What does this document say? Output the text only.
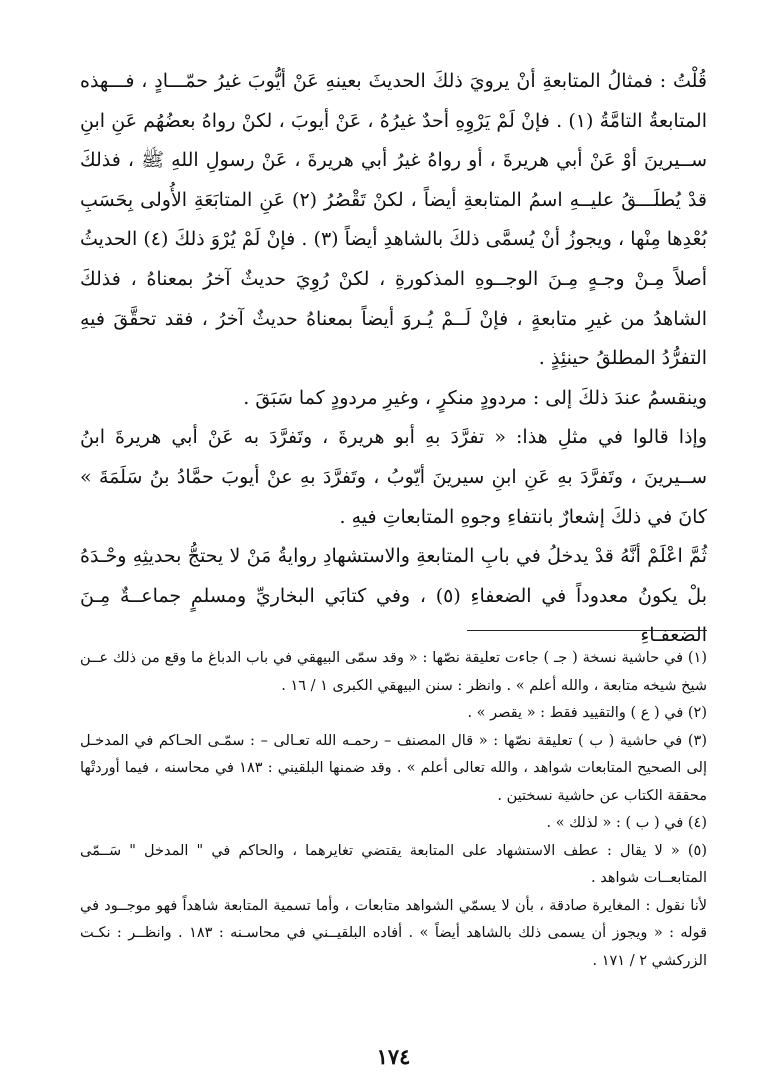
قُلْتُ : فمثالُ المتابعةِ أنْ يرويَ ذلكَ الحديثَ بعينهِ عَنْ أيُّوبَ غيرُ حمّـــادٍ ، فـــهذه المتابعةُ التامَّةُ (١) . فإنْ لَمْ يَرْوِهِ أحدٌ غيرُهُ ، عَنْ أيوبَ ، لكنْ رواهُ بعضُهُم عَنِ ابنِ ســيرينَ أوْ عَنْ أبي هريرةَ ، أو رواهُ غيرُ أبي هريرةَ ، عَنْ رسولِ اللهِ ﷺ ، فذلكَ قدْ يُطلَـــقُ عليــهِ اسمُ المتابعةِ أيضاً ، لكنْ تَقْصُرُ (٢) عَنِ المتابَعَةِ الأُولى بِحَسَبِ بُعْدِها مِنْها ، ويجوزُ أنْ يُسمَّى ذلكَ بالشاهدِ أيضاً (٣) . فإنْ لَمْ يُرْوَ ذلكَ (٤) الحديثُ أصلاً مِـنْ وجـهٍ مِـنَ الوجــوهِ المذكورةِ ، لكنْ رُوِيَ حديثٌ آخرُ بمعناهُ ، فذلكَ الشاهدُ من غيرِ متابعةٍ ، فإنْ لَــمْ يُـروَ أيضاً بمعناهُ حديثٌ آخرُ ، فقد تحقَّقَ فيهِ التفرُّدُ المطلقُ حينئِذٍ .

وينقسمُ عندَ ذلكَ إلى : مردودٍ منكرٍ ، وغيرِ مردودٍ كما سَبَقَ .

وإذا قالوا في مثلِ هذا: « تفرَّدَ بهِ أبو هريرةَ ، وتَفرَّدَ به عَنْ أبي هريرةَ ابنُ ســيرينَ ، وتَفرَّدَ بهِ عَنِ ابنِ سيرينَ أيّوبُ ، وتَفرَّدَ بهِ عنْ أيوبَ حمَّادُ بنُ سَلَمَةَ » كانَ في ذلكَ إشعارٌ بانتفاءِ وجوهِ المتابعاتِ فيهِ .

ثُمَّ اعْلَمْ أنَّهُ قدْ يدخلُ في بابِ المتابعةِ والاستشهادِ روايةُ مَنْ لا يحتجُّ بحديثِهِ وحْـدَهُ بلْ يكونُ معدوداً في الضعفاءِ (٥) ، وفي كتابَي البخاريِّ ومسلمٍ جماعــةٌ مِـنَ الضعفـاءِ

(١) في حاشية نسخة ( جـ ) جاءت تعليقة نصّها : « وقد سمّى البيهقي في باب الدباغ ما وقع من ذلك عــن شيخ شيخه متابعة ، والله أعلم » . وانظر : سنن البيهقي الكبرى ١ / ١٦ .

(٢) في ( ع ) والتقييد فقط : « يقصر » .

(٣) في حاشية ( ب ) تعليقة نصّها : « قال المصنف – رحمـه الله تعـالى – : سمّـى الحـاكم في المدخـل إلى الصحيح المتابعات شواهد ، والله تعالى أعلم » . وقد ضمنها البلقيني : ١٨٣ في محاسنه ، فيما أوردتْها محققة الكتاب عن حاشية نسختين .

(٤) في ( ب ) : « لذلك » .

(٥) « لا يقال : عطف الاستشهاد على المتابعة يقتضي تغايرهما ، والحاكم في " المدخل " سَــمّى المتابعــات شواهد .

لأنا نقول : المغايرة صادقة ، بأن لا يسمّي الشواهد متابعات ، وأما تسمية المتابعة شاهداً فهو موجــود في قوله : « ويجوز أن يسمى ذلك بالشاهد أيضاً » . أفاده البلقيــني في محاسـنه : ١٨٣ . وانظــر : نكـت الزركشي ٢ / ١٧١ .

١٧٤
